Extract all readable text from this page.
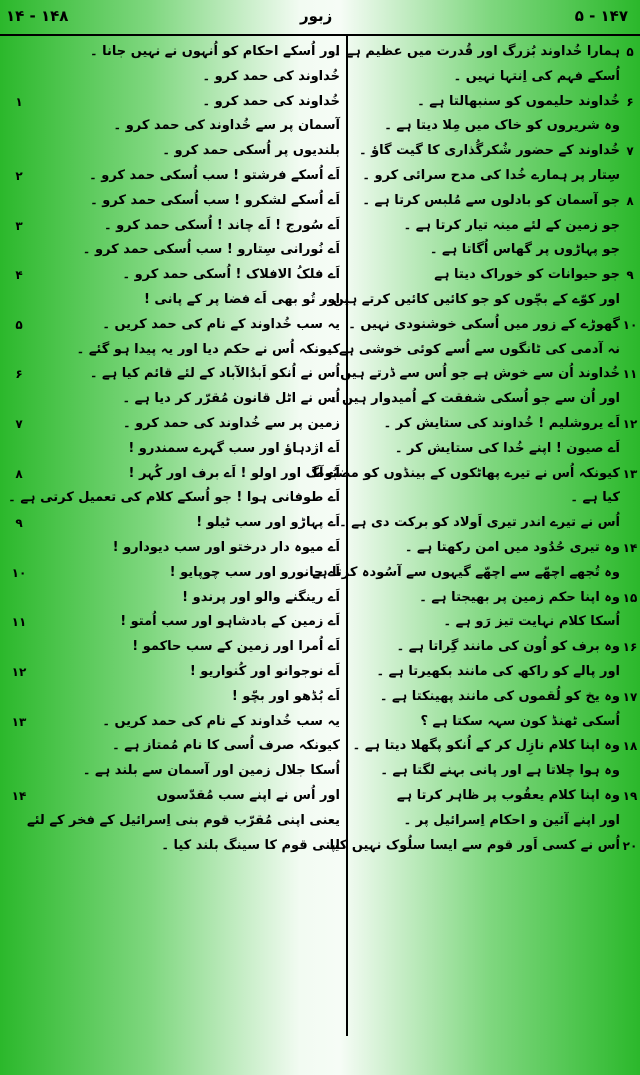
۱۴ - ۱۴۸	زبور	۵ - ۱۴۷
ہمارا خُداوند بُزرگ اور قُدرت میں عظیم ہے ۔
اُسکے فہم کی اِنتہا نہیں ۔
خُداوند حلیموں کو سنبھالتا ہے ۔
وہ شریروں کو خاک میں مِلا دیتا ہے ۔
خُداوند کے حضور شُکرگُذاری کا گیت گاؤ ۔
سِتار پر ہمارے خُدا کی مدح سرائی کرو ۔
جو آسمان کو بادلوں سے مُلبس کرتا ہے ۔
جو زمین کے لئے مینہ تیار کرتا ہے ۔
جو پہاڑوں پر گھاس اُگاتا ہے ۔
جو حیوانات کو خوراک دیتا ہے
اور کوّے کے بچّوں کو جو کائیں کائیں کرتے ہیں ۔
گھوڑے کے زور میں اُسکی خوشنودی نہیں ۔
نہ آدمی کی ٹانگوں سے اُسے کوئی خوشی ہے ۔
خُداوند اُن سے خوش ہے جو اُس سے ڈرتے ہیں
اور اُن سے جو اُسکی شفقت کے اُمیدوار ہیں ۔
اَے یروشلیم ! خُداوند کی ستایش کر ۔
اَے صیون ! اپنے خُدا کی ستایش کر ۔
کیونکہ اُس نے تیرے پھاٹکوں کے بینڈوں کو مضبُوط
کیا ہے ۔
اُس نے تیرے اندر تیری اَولاد کو برکت دی ہے ۔
وہ تیری حُدُود میں امن رکھتا ہے ۔
وہ تُجھے اچھّے سے اچھّے گیہوں سے آسُودہ کرتا ہے ۔
وہ اپنا حکم زمین پر بھیجتا ہے ۔
اُسکا کلام نہایت تیز رَو ہے ۔
وہ برف کو اُون کی مانند گِراتا ہے ۔
اور پالے کو راکھ کی مانند بکھیرتا ہے ۔
وہ یخ کو لُقموں کی مانند پھینکتا ہے ۔
اُسکی ٹھنڈ کون سہہ سکتا ہے ؟
وہ اپنا کلام نازِل کر کے اُنکو پگھلا دیتا ہے ۔
وہ ہوا چلاتا ہے اور پانی بہنے لگتا ہے ۔
وہ اپنا کلام یعقُوب پر ظاہر کرتا ہے
اور اپنے آئین و احکام اِسرائیل پر ۔
اُس نے کسی اَور قوم سے ایسا سلُوک نہیں کیا
۵
۶
۷
۸
۹
۱۰
۱۱
۱۲
۱۳
۱۴
۱۵
۱۶
۱۷
۱۸
۱۹
۲۰
اور اُسکے احکام کو اُنہوں نے نہیں جانا ۔
خُداوند کی حمد کرو ۔
خُداوند کی حمد کرو ۔
آسمان پر سے خُداوند کی حمد کرو ۔
بلندیوں پر اُسکی حمد کرو ۔
اَے اُسکے فرشتو ! سب اُسکی حمد کرو ۔
اَے اُسکے لشکرو ! سب اُسکی حمد کرو ۔
اَے سُورج ! اَے چاند ! اُسکی حمد کرو ۔
اَے نُورانی سِتارو ! سب اُسکی حمد کرو ۔
اَے فلکُ الافلاک ! اُسکی حمد کرو ۔
اور تُو بھی اَے فضا پر کے پانی !
یہ سب خُداوند کے نام کی حمد کریں ۔
کیونکہ اُس نے حکم دیا اور یہ پیدا ہو گئے ۔
اُس نے اُنکو اَبدُالآباد کے لئے قائم کیا ہے ۔
اُس نے اٹل قانون مُقرّر کر دیا ہے ۔
زمین پر سے خُداوند کی حمد کرو ۔
اَے اژدہاؤ اور سب گہرے سمندرو !
اَے آگ اور اولو ! اَے برف اور کُہر !
اَے طوفانی ہوا ! جو اُسکے کلام کی تعمیل کرتی ہے ۔
اَے پہاڑو اور سب ٹیلو !
اَے میوہ دار درختو اور سب دیودارو !
اَے جانورو اور سب چوپایو !
اَے رینگنے والو اور پرندو !
اَے زمین کے بادشاہو اور سب اُمتو !
اَے اُمرا اور زمین کے سب حاکمو !
اَے نوجوانو اور کُنواریو !
اَے بُڈھو اور بچّو !
یہ سب خُداوند کے نام کی حمد کریں ۔
کیونکہ صرف اُسی کا نام مُمتاز ہے ۔
اُسکا جلال زمین اور آسمان سے بلند ہے ۔
اور اُس نے اپنے سب مُقدّسوں
یعنی اپنی مُقرّب قوم بنی اِسرائیل کے فخر کے لئے
اپنی قوم کا سینگ بلند کیا ۔
۱
۲
۳
۴
۵
۶
۷
۸
۹
۱۰
۱۱
۱۲
۱۳
۱۴
